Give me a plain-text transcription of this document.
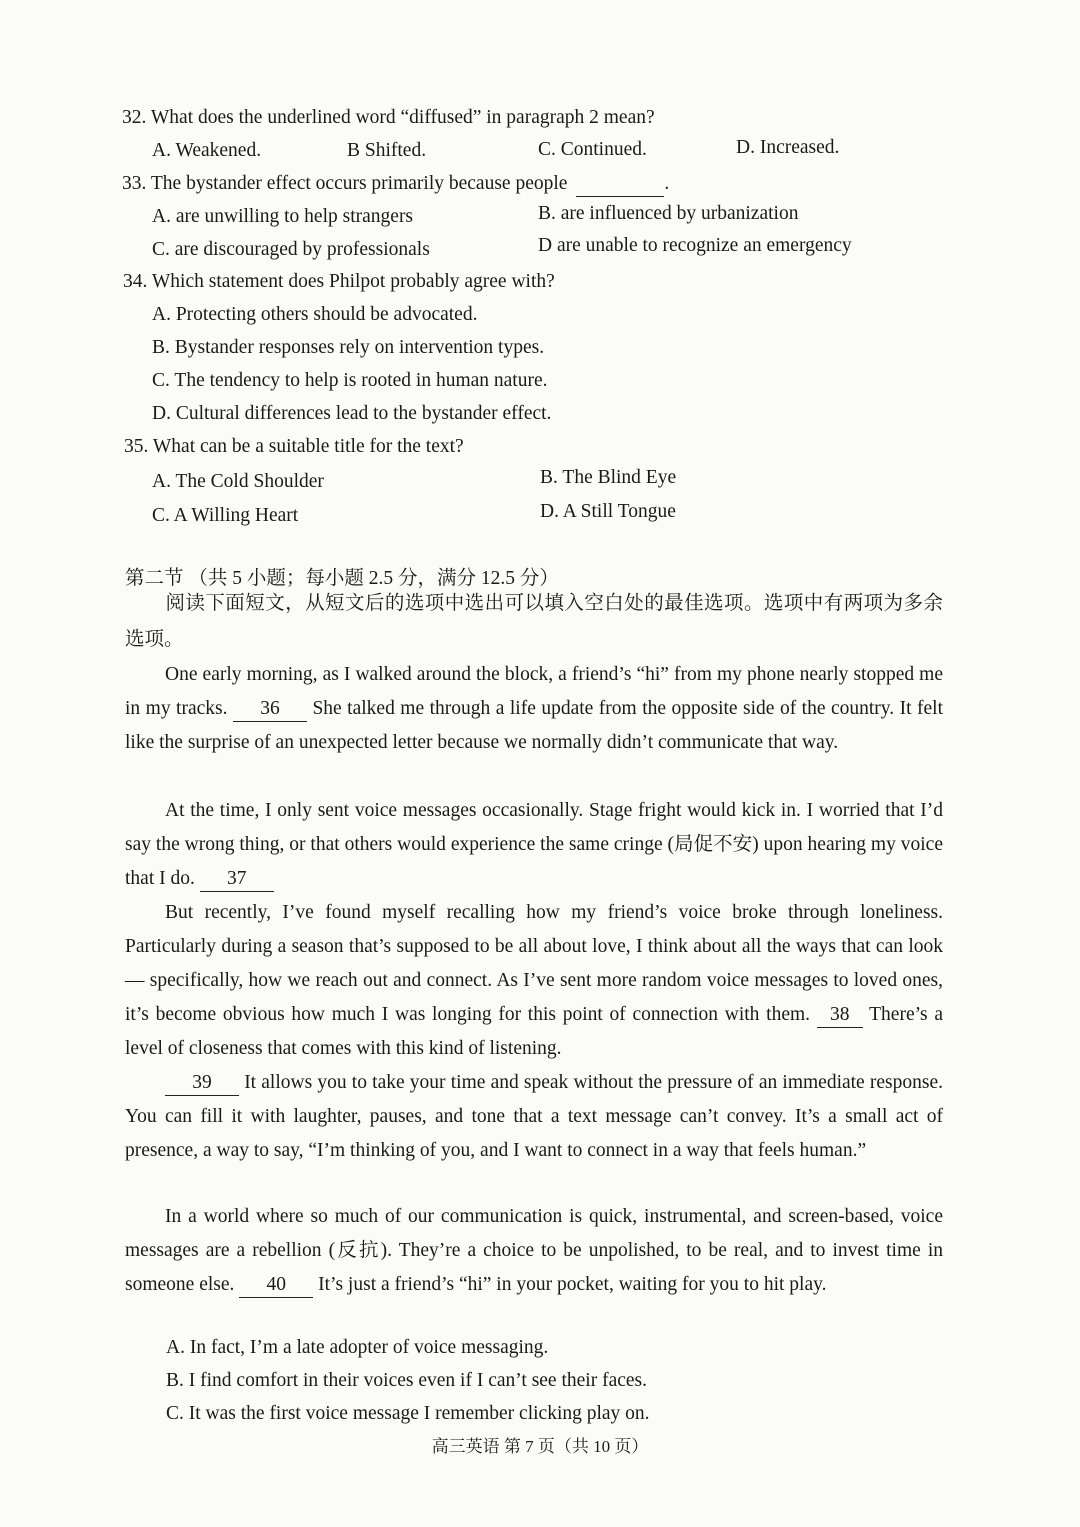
32. What does the underlined word “diffused” in paragraph 2 mean?
A. Weakened.	B Shifted.	C. Continued.	D. Increased.
33. The bystander effect occurs primarily because people	.
A. are unwilling to help strangers	B. are influenced by urbanization
C. are discouraged by professionals	D are unable to recognize an emergency
34. Which statement does Philpot probably agree with?
A. Protecting others should be advocated.
B. Bystander responses rely on intervention types.
C. The tendency to help is rooted in human nature.
D. Cultural differences lead to the bystander effect.
35. What can be a suitable title for the text?
A. The Cold Shoulder	B. The Blind Eye
C. A Willing Heart	D. A Still Tongue
第二节 （共 5 小题；每小题 2.5 分，满分 12.5 分）
阅读下面短文，从短文后的选项中选出可以填入空白处的最佳选项。选项中有两项为多余选项。
One early morning, as I walked around the block, a friend’s “hi” from my phone nearly stopped me in my tracks. 36 She talked me through a life update from the opposite side of the country. It felt like the surprise of an unexpected letter because we normally didn’t communicate that way.
At the time, I only sent voice messages occasionally. Stage fright would kick in. I worried that I’d say the wrong thing, or that others would experience the same cringe (局促不安) upon hearing my voice that I do. 37
But recently, I’ve found myself recalling how my friend’s voice broke through loneliness. Particularly during a season that’s supposed to be all about love, I think about all the ways that can look — specifically, how we reach out and connect. As I’ve sent more random voice messages to loved ones, it’s become obvious how much I was longing for this point of connection with them. 38 There’s a level of closeness that comes with this kind of listening.
39 It allows you to take your time and speak without the pressure of an immediate response. You can fill it with laughter, pauses, and tone that a text message can’t convey. It’s a small act of presence, a way to say, “I’m thinking of you, and I want to connect in a way that feels human.”
In a world where so much of our communication is quick, instrumental, and screen-based, voice messages are a rebellion (反抗). They’re a choice to be unpolished, to be real, and to invest time in someone else. 40 It’s just a friend’s “hi” in your pocket, waiting for you to hit play.
A. In fact, I’m a late adopter of voice messaging.
B. I find comfort in their voices even if I can’t see their faces.
C. It was the first voice message I remember clicking play on.
高三英语 第 7 页（共 10 页）
